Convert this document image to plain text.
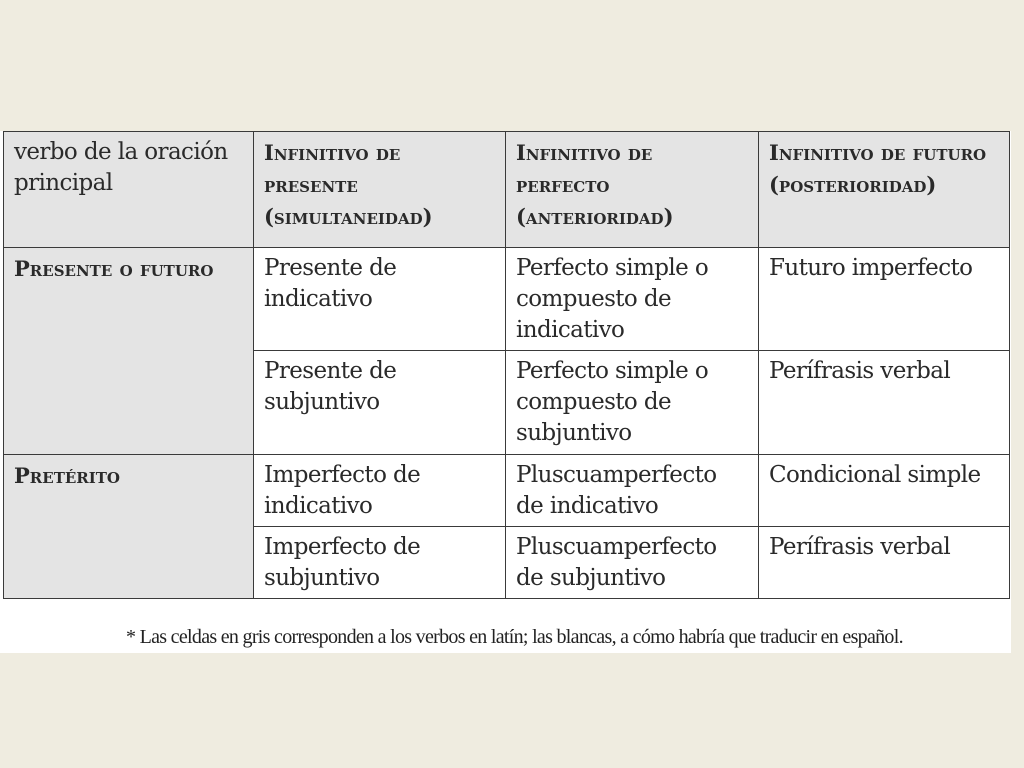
verbo de la oración principal	Infinitivo de presente (simultaneidad)	Infinitivo de perfecto (anterioridad)	Infinitivo de futuro (posterioridad)
Presente o futuro	Presente de indicativo	Perfecto simple o compuesto de indicativo	Futuro imperfecto
	Presente de subjuntivo	Perfecto simple o compuesto de subjuntivo	Perífrasis verbal
Pretérito	Imperfecto de indicativo	Pluscuamperfecto de indicativo	Condicional simple
	Imperfecto de subjuntivo	Pluscuamperfecto de subjuntivo	Perífrasis verbal
* Las celdas en gris corresponden a los verbos en latín; las blancas, a cómo habría que traducir en español.
